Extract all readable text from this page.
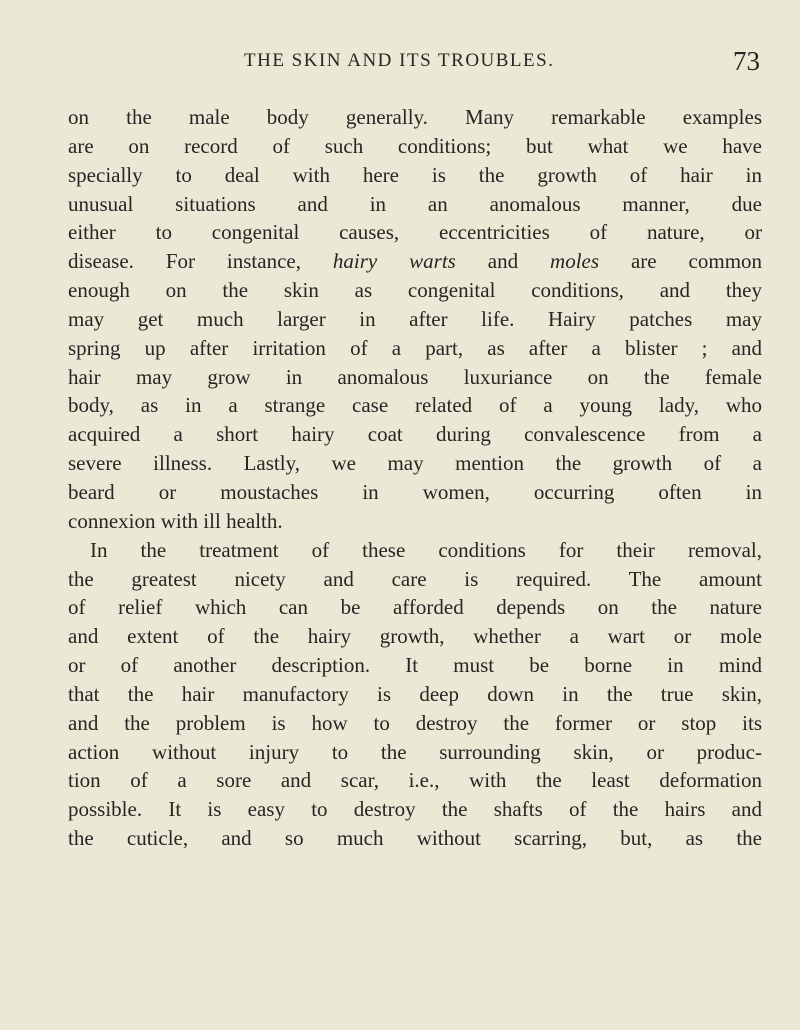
THE SKIN AND ITS TROUBLES.	73
on the male body generally. Many remarkable examples
are on record of such conditions; but what we have
specially to deal with here is the growth of hair in
unusual situations and in an anomalous manner, due
either to congenital causes, eccentricities of nature, or
disease. For instance, hairy warts and moles are common
enough on the skin as congenital conditions, and they
may get much larger in after life. Hairy patches may
spring up after irritation of a part, as after a blister ; and
hair may grow in anomalous luxuriance on the female
body, as in a strange case related of a young lady, who
acquired a short hairy coat during convalescence from a
severe illness. Lastly, we may mention the growth of a
beard or moustaches in women, occurring often in
connexion with ill health.
In the treatment of these conditions for their removal,
the greatest nicety and care is required. The amount
of relief which can be afforded depends on the nature
and extent of the hairy growth, whether a wart or mole
or of another description. It must be borne in mind
that the hair manufactory is deep down in the true skin,
and the problem is how to destroy the former or stop its
action without injury to the surrounding skin, or produc-
tion of a sore and scar, i.e., with the least deformation
possible. It is easy to destroy the shafts of the hairs and
the cuticle, and so much without scarring, but, as the
